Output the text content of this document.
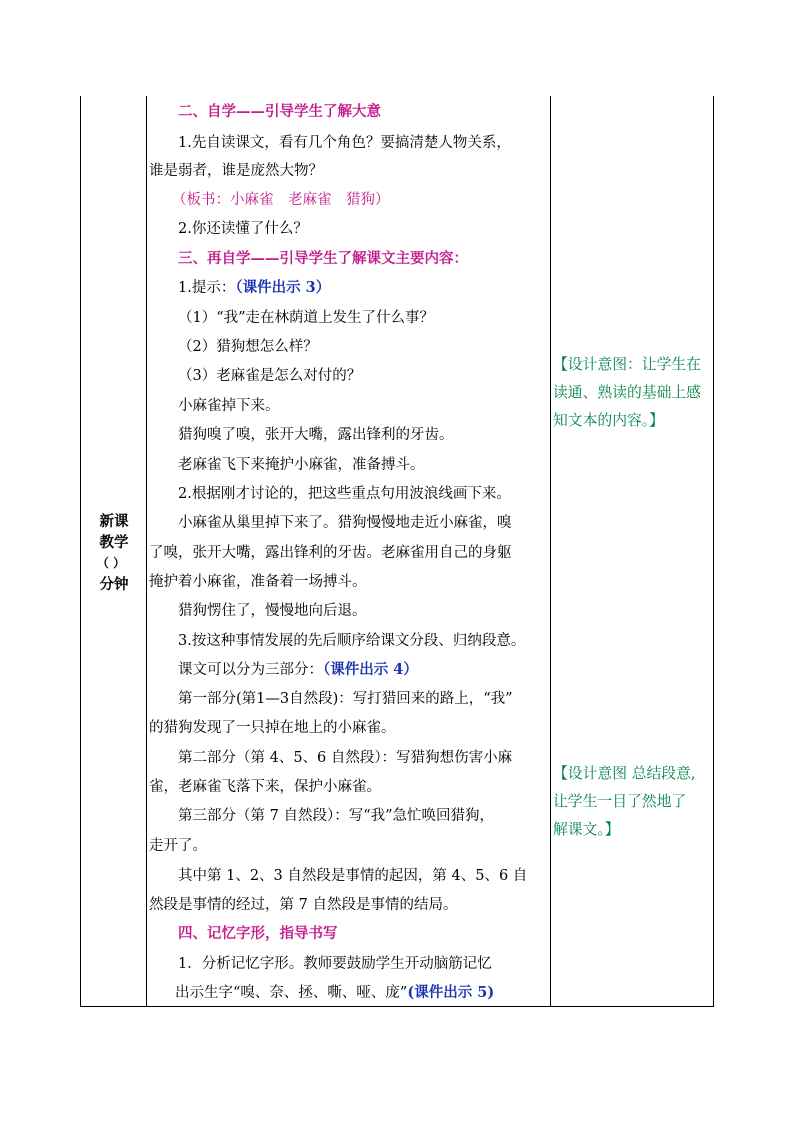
新课
教学
（ ）
分钟
二、自学——引导学生了解大意
1.先自读课文，看有几个角色？要搞清楚人物关系，
谁是弱者，谁是庞然大物？
（板书：小麻雀　老麻雀　猎狗）
2.你还读懂了什么？
三、再自学——引导学生了解课文主要内容：
1.提示：（课件出示 3）
（1）“我”走在林荫道上发生了什么事？
（2）猎狗想怎么样？
（3）老麻雀是怎么对付的？
小麻雀掉下来。
猎狗嗅了嗅，张开大嘴，露出锋利的牙齿。
老麻雀飞下来掩护小麻雀，准备搏斗。
2.根据刚才讨论的，把这些重点句用波浪线画下来。
小麻雀从巢里掉下来了。猎狗慢慢地走近小麻雀，嗅
了嗅，张开大嘴，露出锋利的牙齿。老麻雀用自己的身躯
掩护着小麻雀，准备着一场搏斗。
猎狗愣住了，慢慢地向后退。
3.按这种事情发展的先后顺序给课文分段、归纳段意。
课文可以分为三部分：（课件出示 4）
第一部分(第1—3自然段)：写打猎回来的路上，“我”
的猎狗发现了一只掉在地上的小麻雀。
第二部分（第 4、5、6 自然段）：写猎狗想伤害小麻
雀，老麻雀飞落下来，保护小麻雀。
第三部分（第 7 自然段）：写“我”急忙唤回猎狗，
走开了。
其中第 1、2、3 自然段是事情的起因，第 4、5、6 自
然段是事情的经过，第 7 自然段是事情的结局。
四、记忆字形，指导书写
1．分析记忆字形。教师要鼓励学生开动脑筋记忆
出示生字“嗅、奈、拯、嘶、哑、庞”(课件出示 5)
【设计意图：让学生在
读通、熟读的基础上感
知文本的内容。】
【设计意图 总结段意,
让学生一目了然地了
解课文。】
